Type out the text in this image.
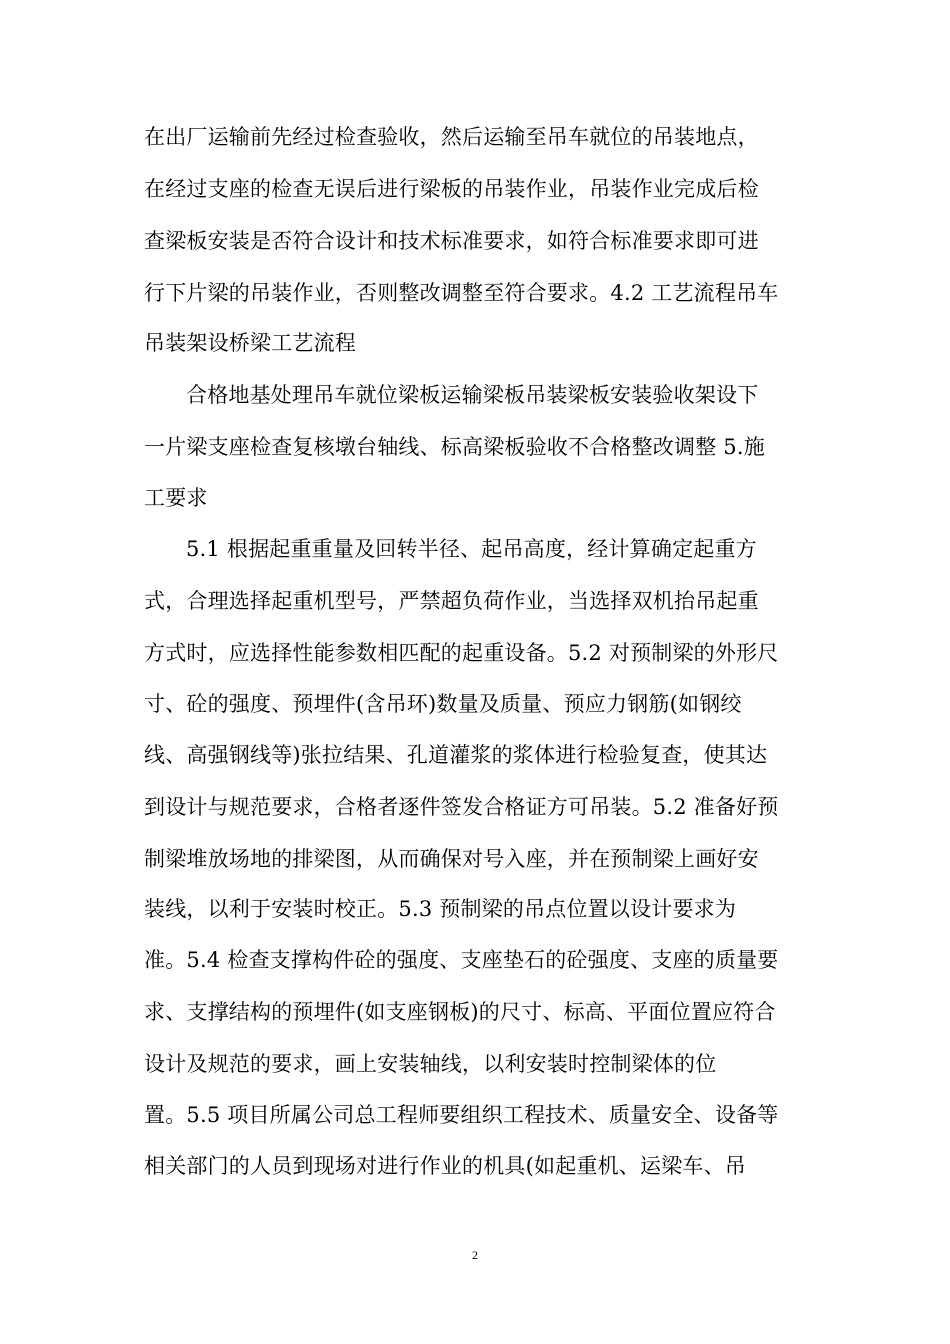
在出厂运输前先经过检查验收，然后运输至吊车就位的吊装地点，
在经过支座的检查无误后进行梁板的吊装作业，吊装作业完成后检
查梁板安装是否符合设计和技术标准要求，如符合标准要求即可进
行下片梁的吊装作业，否则整改调整至符合要求。4.2 工艺流程吊车
吊装架设桥梁工艺流程
合格地基处理吊车就位梁板运输梁板吊装梁板安装验收架设下
一片梁支座检查复核墩台轴线、标高梁板验收不合格整改调整 5.施
工要求
5.1 根据起重重量及回转半径、起吊高度，经计算确定起重方
式，合理选择起重机型号，严禁超负荷作业，当选择双机抬吊起重
方式时，应选择性能参数相匹配的起重设备。5.2 对预制梁的外形尺
寸、砼的强度、预埋件(含吊环)数量及质量、预应力钢筋(如钢绞
线、高强钢线等)张拉结果、孔道灌浆的浆体进行检验复查，使其达
到设计与规范要求，合格者逐件签发合格证方可吊装。5.2 准备好预
制梁堆放场地的排梁图，从而确保对号入座，并在预制梁上画好安
装线，以利于安装时校正。5.3 预制梁的吊点位置以设计要求为
准。5.4 检查支撑构件砼的强度、支座垫石的砼强度、支座的质量要
求、支撑结构的预埋件(如支座钢板)的尺寸、标高、平面位置应符合
设计及规范的要求，画上安装轴线，以利安装时控制梁体的位
置。5.5 项目所属公司总工程师要组织工程技术、质量安全、设备等
相关部门的人员到现场对进行作业的机具(如起重机、运梁车、吊
2
